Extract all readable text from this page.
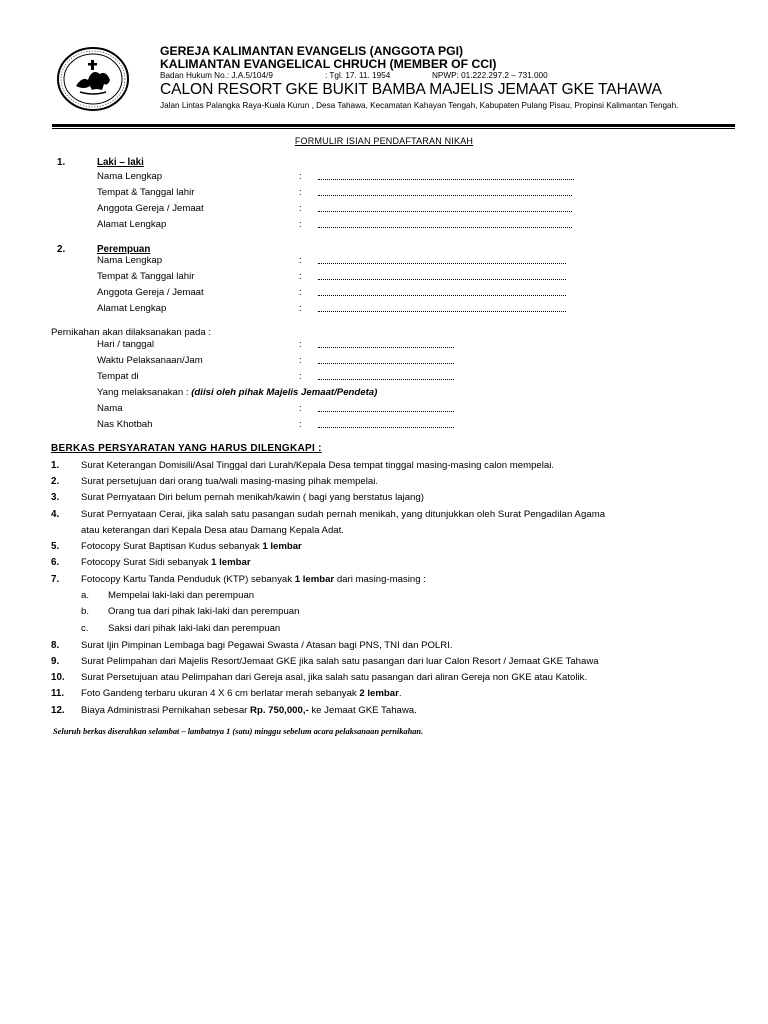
GEREJA KALIMANTAN EVANGELIS (ANGGOTA PGI)
KALIMANTAN EVANGELICAL CHRUCH (MEMBER OF CCI)
Badan Hukum No.: J.A.5/104/9	: Tgl. 17. 11. 1954	NPWP: 01.222.297.2 – 731.000
CALON RESORT GKE BUKIT BAMBA MAJELIS JEMAAT GKE TAHAWA
Jalan Lintas Palangka Raya-Kuala Kurun , Desa Tahawa, Kecamatan Kahayan Tengah, Kabupaten Pulang Pisau, Propinsi Kalimantan Tengah.
FORMULIR ISIAN PENDAFTARAN NIKAH
1.	Laki – laki
Nama Lengkap	:
Tempat & Tanggal lahir	:
Anggota Gereja / Jemaat	:
Alamat Lengkap	:
2.	Perempuan
Nama Lengkap	:
Tempat & Tanggal lahir	:
Anggota Gereja / Jemaat	:
Alamat Lengkap	:
Pernikahan akan dilaksanakan pada :
Hari / tanggal	:
Waktu Pelaksanaan/Jam	:
Tempat di	:
Yang melaksanakan : (diisi oleh pihak Majelis Jemaat/Pendeta)
Nama	:
Nas Khotbah	:
BERKAS PERSYARATAN YANG HARUS DILENGKAPI :
1. Surat Keterangan Domisili/Asal Tinggal dari Lurah/Kepala Desa tempat tinggal masing-masing calon mempelai.
2. Surat persetujuan dari orang tua/wali masing-masing pihak mempelai.
3. Surat Pernyataan Diri belum pernah menikah/kawin ( bagi yang berstatus lajang)
4. Surat Pernyataan Cerai, jika salah satu pasangan sudah pernah menikah, yang ditunjukkan oleh Surat Pengadilan Agama
atau keterangan dari Kepala Desa atau Damang Kepala Adat.
5. Fotocopy Surat Baptisan Kudus sebanyak 1 lembar
6. Fotocopy Surat Sidi sebanyak 1 lembar
7. Fotocopy Kartu Tanda Penduduk (KTP) sebanyak 1 lembar dari masing-masing :
a. Mempelai laki-laki dan perempuan
b. Orang tua dari pihak laki-laki dan perempuan
c. Saksi dari pihak laki-laki dan perempuan
8. Surat Ijin Pimpinan Lembaga bagi Pegawai Swasta / Atasan bagi PNS, TNI dan POLRI.
9. Surat Pelimpahan dari Majelis Resort/Jemaat GKE jika salah satu pasangan dari luar Calon Resort / Jemaat GKE Tahawa
10. Surat Persetujuan atau Pelimpahan dari Gereja asal, jika salah satu pasangan dari aliran Gereja non GKE atau Katolik.
11. Foto Gandeng terbaru ukuran 4 X 6 cm berlatar merah sebanyak 2 lembar.
12. Biaya Administrasi Pernikahan sebesar Rp. 750,000,- ke Jemaat GKE Tahawa.
Seluruh berkas diserahkan selambat – lambatnya 1 (satu) minggu sebelum acara pelaksanaan pernikahan.
